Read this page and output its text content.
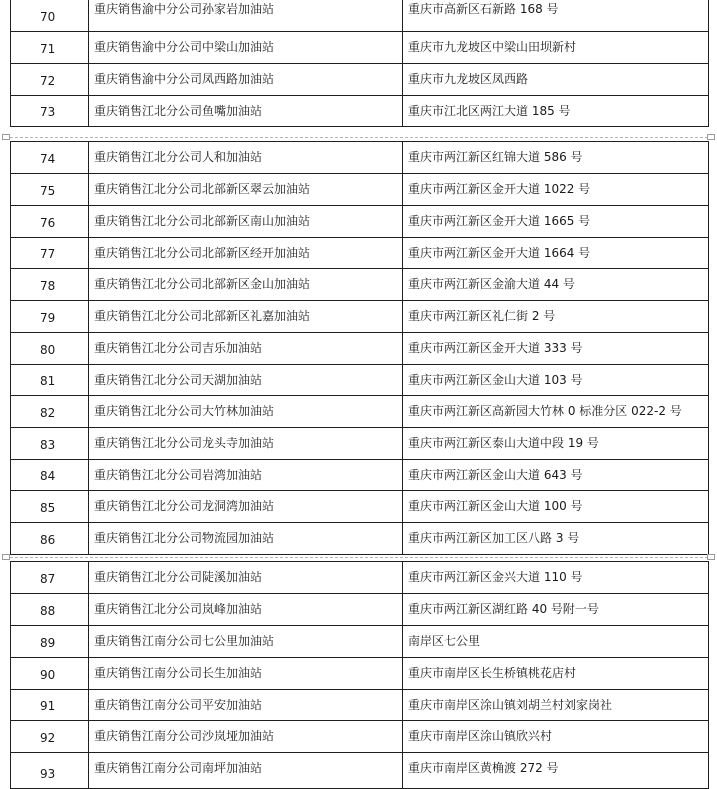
70	重庆销售渝中分公司孙家岩加油站	重庆市高新区石新路 168 号
71	重庆销售渝中分公司中梁山加油站	重庆市九龙坡区中梁山田坝新村
72	重庆销售渝中分公司凤西路加油站	重庆市九龙坡区凤西路
73	重庆销售江北分公司鱼嘴加油站	重庆市江北区两江大道 185 号
74	重庆销售江北分公司人和加油站	重庆市两江新区红锦大道 586 号
75	重庆销售江北分公司北部新区翠云加油站	重庆市两江新区金开大道 1022 号
76	重庆销售江北分公司北部新区南山加油站	重庆市两江新区金开大道 1665 号
77	重庆销售江北分公司北部新区经开加油站	重庆市两江新区金开大道 1664 号
78	重庆销售江北分公司北部新区金山加油站	重庆市两江新区金渝大道 44 号
79	重庆销售江北分公司北部新区礼嘉加油站	重庆市两江新区礼仁街 2 号
80	重庆销售江北分公司吉乐加油站	重庆市两江新区金开大道 333 号
81	重庆销售江北分公司天湖加油站	重庆市两江新区金山大道 103 号
82	重庆销售江北分公司大竹林加油站	重庆市两江新区高新园大竹林 0 标准分区 022-2 号
83	重庆销售江北分公司龙头寺加油站	重庆市两江新区泰山大道中段 19 号
84	重庆销售江北分公司岩湾加油站	重庆市两江新区金山大道 643 号
85	重庆销售江北分公司龙洞湾加油站	重庆市两江新区金山大道 100 号
86	重庆销售江北分公司物流园加油站	重庆市两江新区加工区八路 3 号
87	重庆销售江北分公司陡溪加油站	重庆市两江新区金兴大道 110 号
88	重庆销售江北分公司岚峰加油站	重庆市两江新区湖红路 40 号附一号
89	重庆销售江南分公司七公里加油站	南岸区七公里
90	重庆销售江南分公司长生加油站	重庆市南岸区长生桥镇桃花店村
91	重庆销售江南分公司平安加油站	重庆市南岸区涂山镇刘胡兰村刘家岗社
92	重庆销售江南分公司沙岚垭加油站	重庆市南岸区涂山镇欣兴村
93	重庆销售江南分公司南坪加油站	重庆市南岸区黄桷渡 272 号
